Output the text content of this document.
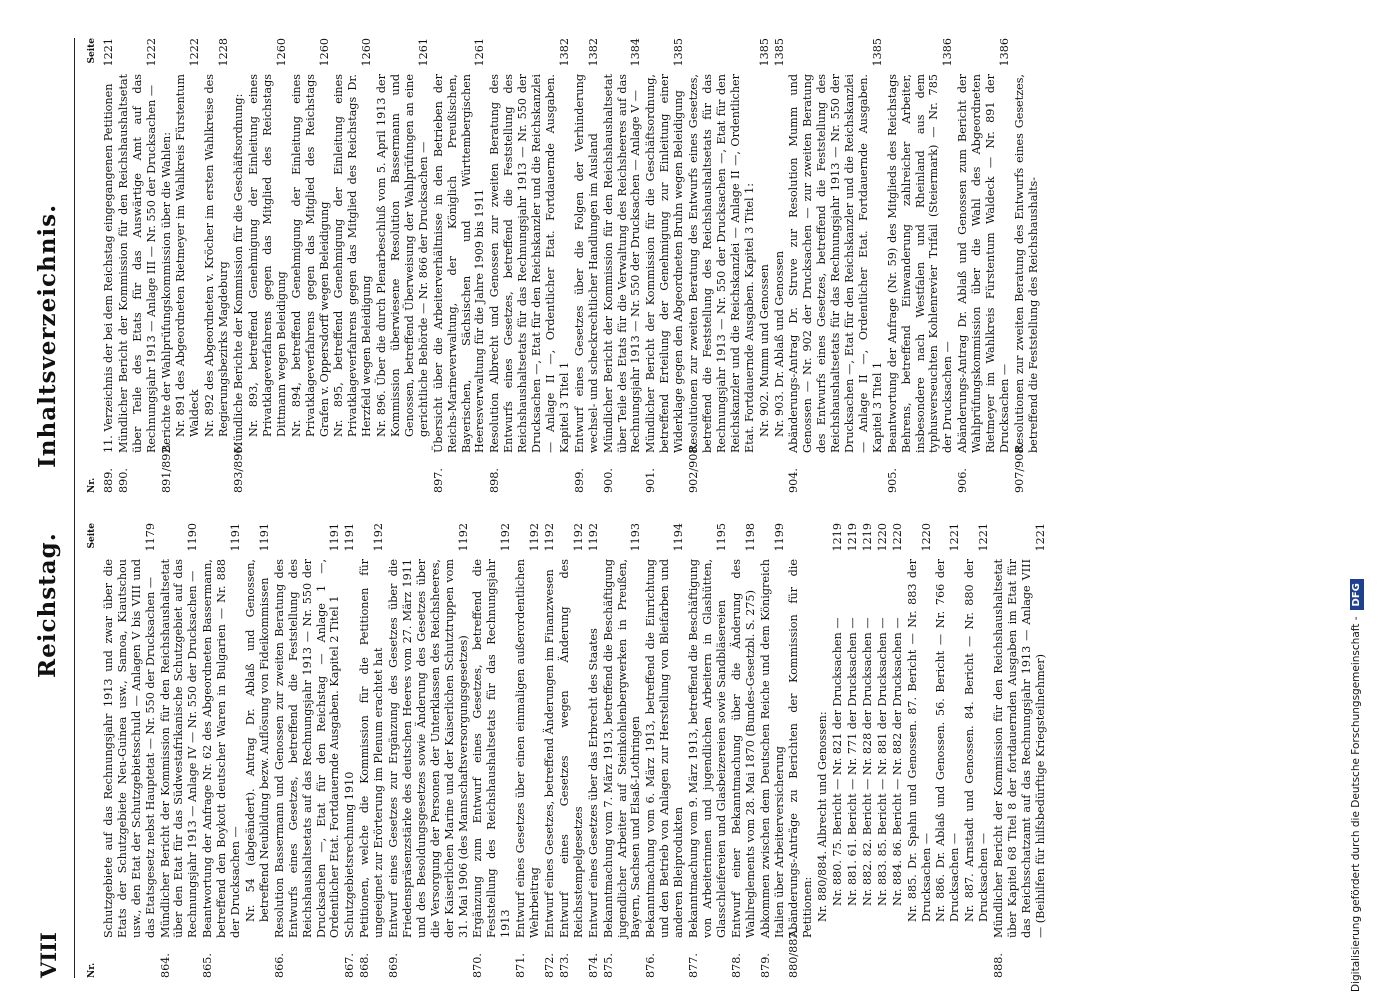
VIII
Reichstag.
Inhaltsverzeichnis.
Nr.
Seite
Schutzgebiete auf das Rechnungsjahr 1913 und zwar über die Etats der Schutzgebiete Neu-Guinea usw., Samoa, Kiautschou usw., den Etat der Schutzgebietsschuld — Anlagen V bis VIII und das Etatsgesetz nebst Hauptetat — Nr. 550 der Drucksachen —
1179
864.
Mündlicher Bericht der Kommission für den Reichshaushaltsetat über den Etat für das Südwestafrikanische Schutzgebiet auf das Rechnungsjahr 1913 — Anlage IV — Nr. 550 der Drucksachen —
1190
865.
Beantwortung der Anfrage Nr. 62 des Abgeordneten Bassermann, betreffend den Boykott deutscher Waren in Bulgarien — Nr. 888 der Drucksachen —
1191
Nr. 54 (abgeändert). Antrag Dr. Ablaß und Genossen, betreffend Neubildung bezw. Auflösung von Fideikommissen
1191
866.
Resolution Bassermann und Genossen zur zweiten Beratung des Entwurfs eines Gesetzes, betreffend die Feststellung des Reichshaushaltsetats auf das Rechnungsjahr 1913 — Nr. 550 der Drucksachen —, Etat für den Reichstag — Anlage 1 —, Ordentlicher Etat. Fortdauernde Ausgaben. Kapitel 2 Titel 1
1191
867.
Schutzgebietsrechnung 1910
1191
868.
Petitionen, welche die Kommission für die Petitionen für ungeeignet zur Erörterung im Plenum erachtet hat
1192
869.
Entwurf eines Gesetzes zur Ergänzung des Gesetzes über die Friedenspräsenzstärke des deutschen Heeres vom 27. März 1911 und des Besoldungsgesetzes sowie Änderung des Gesetzes über die Versorgung der Personen der Unterklassen des Reichsheeres, der Kaiserlichen Marine und der Kaiserlichen Schutztruppen vom 31. Mai 1906 (des Mannschaftsversorgungsgesetzes)
1192
870.
Ergänzung zum Entwurf eines Gesetzes, betreffend die Feststellung des Reichshaushaltsetats für das Rechnungsjahr 1913
1192
871.
Entwurf eines Gesetzes über einen einmaligen außerordentlichen Wehrbeitrag
1192
872.
Entwurf eines Gesetzes, betreffend Änderungen im Finanzwesen
1192
873.
Entwurf eines Gesetzes wegen Änderung des Reichsstempelgesetzes
1192
874.
Entwurf eines Gesetzes über das Erbrecht des Staates
1192
875.
Bekanntmachung vom 7. März 1913, betreffend die Beschäftigung jugendlicher Arbeiter auf Steinkohlenbergwerken in Preußen, Bayern, Sachsen und Elsaß-Lothringen
1193
876.
Bekanntmachung vom 6. März 1913, betreffend die Einrichtung und den Betrieb von Anlagen zur Herstellung von Bleifarben und anderen Bleiprodukten
1194
877.
Bekanntmachung vom 9. März 1913, betreffend die Beschäftigung von Arbeiterinnen und jugendlichen Arbeitern in Glashütten, Glasschleifereien und Glasbeizereien sowie Sandbläsereien
1195
878.
Entwurf einer Bekanntmachung über die Änderung des Wahlreglements vom 28. Mai 1870 (Bundes-Gesetzbl. S. 275)
1198
879.
Abkommen zwischen dem Deutschen Reiche und dem Königreich Italien über Arbeiterversicherung
1199
880/887.
Abänderungs-Anträge zu Berichten der Kommission für die Petitionen: Nr. 880/884. Albrecht und Genossen: Nr. 880. 75. Bericht — Nr. 821 der Drucksachen —
1219
Nr. 881. 61. Bericht — Nr. 771 der Drucksachen —
1219
Nr. 882. 82. Bericht — Nr. 828 der Drucksachen —
1219
Nr. 883. 85. Bericht — Nr. 881 der Drucksachen —
1220
Nr. 884. 86. Bericht — Nr. 882 der Drucksachen —
1220
Nr. 885. Dr. Spahn und Genossen. 87. Bericht — Nr. 883 der Drucksachen —
1220
Nr. 886. Dr. Ablaß und Genossen. 56. Bericht — Nr. 766 der Drucksachen —
1221
Nr. 887. Arnstadt und Genossen. 84. Bericht — Nr. 880 der Drucksachen —
1221
888.
Mündlicher Bericht der Kommission für den Reichshaushaltsetat über Kapitel 68 Titel 8 der fortdauernden Ausgaben im Etat für das Reichsschatzamt auf das Rechnungsjahr 1913 — Anlage VIII — (Beihilfen für hilfsbedürftige Kriegsteilnehmer)
1221
Nr.
Seite
889.
11. Verzeichnis der bei dem Reichstag eingegangenen Petitionen
1221
890.
Mündlicher Bericht der Kommission für den Reichshaushaltsetat über Teile des Etats für das Auswärtige Amt auf das Rechnungsjahr 1913 — Anlage III — Nr. 550 der Drucksachen —
1222
891/892.
Berichte der Wahlprüfungskommission über die Wahlen: Nr. 891 des Abgeordneten Rietmeyer im Wahlkreis Fürstentum Waldeck
1222
Nr. 892 des Abgeordneten v. Kröcher im ersten Wahlkreise des Regierungsbezirks Magdeburg
1228
893/896.
Mündliche Berichte der Kommission für die Geschäftsordnung: Nr. 893, betreffend Genehmigung der Einleitung eines Privatklageverfahrens gegen das Mitglied des Reichstags Dittmann wegen Beleidigung
1260
Nr. 894, betreffend Genehmigung der Einleitung eines Privatklageverfahrens gegen das Mitglied des Reichstags Grafen v. Oppersdorff wegen Beleidigung
1260
Nr. 895, betreffend Genehmigung der Einleitung eines Privatklageverfahrens gegen das Mitglied des Reichstags Dr. Herzfeld wegen Beleidigung
1260
Nr. 896. Über die durch Plenarbeschluß vom 5. April 1913 der Kommission überwiesene Resolution Bassermann und Genossen, betreffend Überweisung der Wahlprüfungen an eine gerichtliche Behörde — Nr. 866 der Drucksachen —
1261
897.
Übersicht über die Arbeiterverhältnisse in den Betrieben der Reichs-Marineverwaltung, der Königlich Preußischen, Bayerischen, Sächsischen und Württembergischen Heeresverwaltung für die Jahre 1909 bis 1911
1261
898.
Resolution Albrecht und Genossen zur zweiten Beratung des Entwurfs eines Gesetzes, betreffend die Feststellung des Reichshaushaltsetats für das Rechnungsjahr 1913 — Nr. 550 der Drucksachen —, Etat für den Reichskanzler und die Reichskanzlei — Anlage II —, Ordentlicher Etat. Fortdauernde Ausgaben. Kapitel 3 Titel 1
1382
899.
Entwurf eines Gesetzes über die Folgen der Verhinderung wechsel- und scheckrechtlicher Handlungen im Ausland
1382
900.
Mündlicher Bericht der Kommission für den Reichshaushaltsetat über Teile des Etats für die Verwaltung des Reichsheeres auf das Rechnungsjahr 1913 — Nr. 550 der Drucksachen — Anlage V —
1384
901.
Mündlicher Bericht der Kommission für die Geschäftsordnung, betreffend Erteilung der Genehmigung zur Einleitung einer Widerklage gegen den Abgeordneten Bruhn wegen Beleidigung
1385
902/908.
Resolutionen zur zweiten Beratung des Entwurfs eines Gesetzes, betreffend die Feststellung des Reichshaushaltsetats für das Rechnungsjahr 1913 — Nr. 550 der Drucksachen —, Etat für den Reichskanzler und die Reichskanzlei — Anlage II —, Ordentlicher Etat. Fortdauernde Ausgaben. Kapitel 3 Titel 1: Nr. 902. Mumm und Genossen
1385
Nr. 903. Dr. Ablaß und Genossen
1385
904.
Abänderungs-Antrag Dr. Struve zur Resolution Mumm und Genossen — Nr. 902 der Drucksachen — zur zweiten Beratung des Entwurfs eines Gesetzes, betreffend die Feststellung des Reichshaushaltsetats für das Rechnungsjahr 1913 — Nr. 550 der Drucksachen —, Etat für den Reichskanzler und die Reichskanzlei — Anlage II —, Ordentlicher Etat. Fortdauernde Ausgaben. Kapitel 3 Titel 1
1385
905.
Beantwortung der Anfrage (Nr. 59) des Mitglieds des Reichstags Behrens, betreffend Einwanderung zahlreicher Arbeiter, insbesondere nach Westfalen und Rheinland aus dem typhusverseuchten Kohlenrevier Trifail (Steiermark) — Nr. 785 der Drucksachen —
1386
906.
Abänderungs-Antrag Dr. Ablaß und Genossen zum Bericht der Wahlprüfungskommission über die Wahl des Abgeordneten Rietmeyer im Wahlkreis Fürstentum Waldeck — Nr. 891 der Drucksachen —
1386
907/908.
Resolutionen zur zweiten Beratung des Entwurfs eines Gesetzes, betreffend die Feststellung des Reichshaushalts-
Digitalisierung gefördert durch die Deutsche Forschungsgemeinschaft -DFG
